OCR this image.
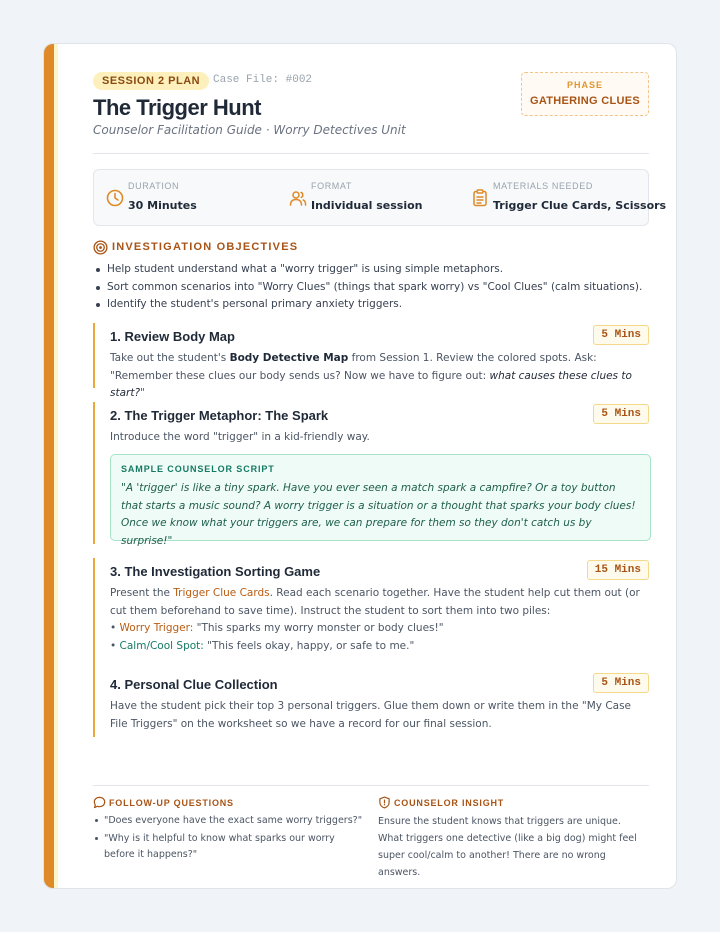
SESSION 2 PLAN	Case File: #002
The Trigger Hunt
Counselor Facilitation Guide · Worry Detectives Unit
PHASE
GATHERING CLUES
DURATION
30 Minutes
FORMAT
Individual session
MATERIALS NEEDED
Trigger Clue Cards, Scissors
INVESTIGATION OBJECTIVES
Help student understand what a "worry trigger" is using simple metaphors.
Sort common scenarios into "Worry Clues" (things that spark worry) vs "Cool Clues" (calm situations).
Identify the student's personal primary anxiety triggers.
1. Review Body Map	5 Mins
Take out the student's Body Detective Map from Session 1. Review the colored spots. Ask: "Remember these clues our body sends us? Now we have to figure out: what causes these clues to start?"
2. The Trigger Metaphor: The Spark	5 Mins
Introduce the word "trigger" in a kid-friendly way.
SAMPLE COUNSELOR SCRIPT
"A 'trigger' is like a tiny spark. Have you ever seen a match spark a campfire? Or a toy button that starts a music sound? A worry trigger is a situation or a thought that sparks your body clues! Once we know what your triggers are, we can prepare for them so they don't catch us by surprise!"
3. The Investigation Sorting Game	15 Mins
Present the Trigger Clue Cards. Read each scenario together. Have the student help cut them out (or cut them beforehand to save time). Instruct the student to sort them into two piles:
• Worry Trigger: "This sparks my worry monster or body clues!"
• Calm/Cool Spot: "This feels okay, happy, or safe to me."
4. Personal Clue Collection	5 Mins
Have the student pick their top 3 personal triggers. Glue them down or write them in the "My Case File Triggers" on the worksheet so we have a record for our final session.
FOLLOW-UP QUESTIONS
"Does everyone have the exact same worry triggers?"
"Why is it helpful to know what sparks our worry before it happens?"
COUNSELOR INSIGHT
Ensure the student knows that triggers are unique. What triggers one detective (like a big dog) might feel super cool/calm to another! There are no wrong answers.
